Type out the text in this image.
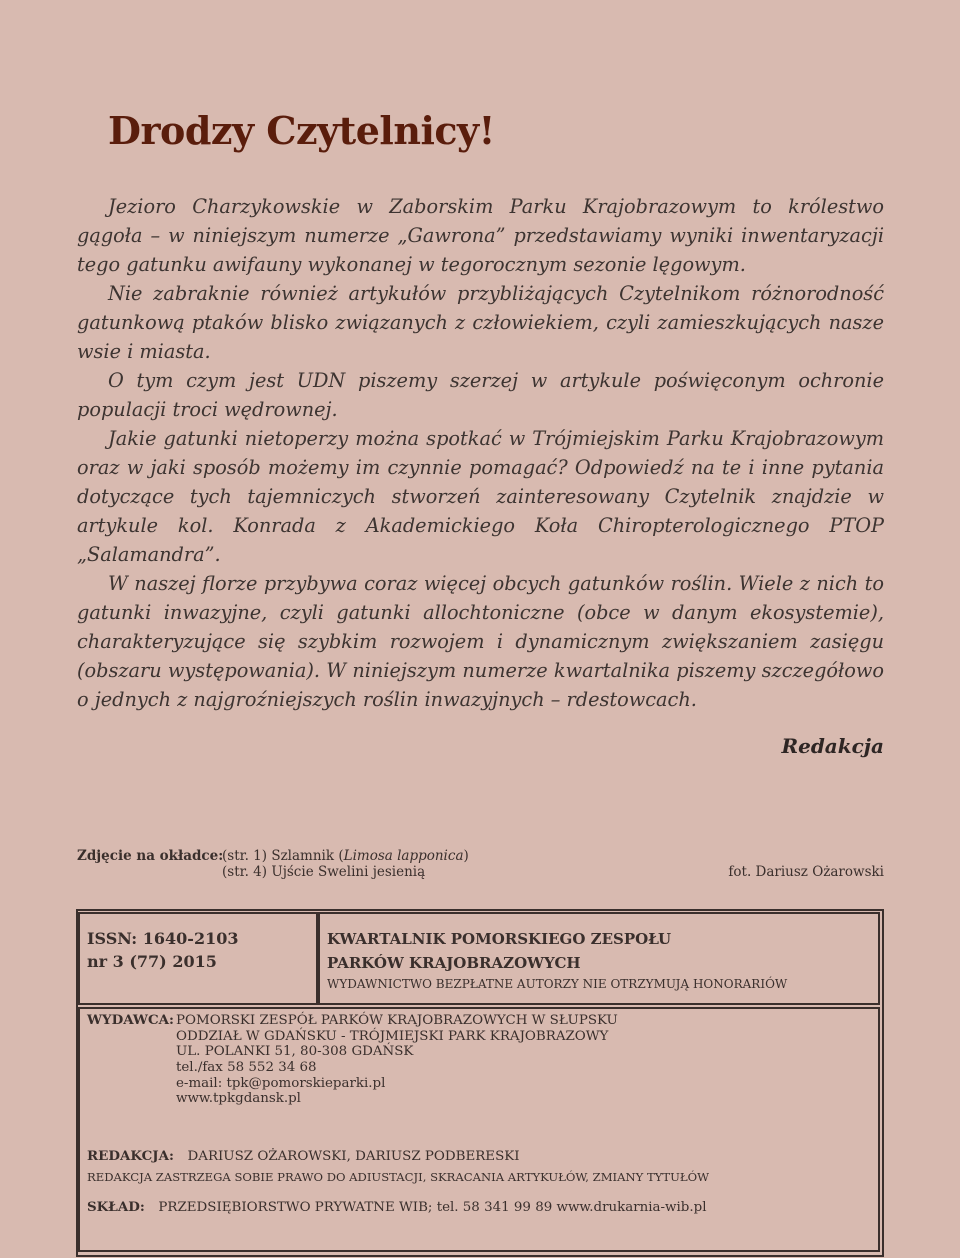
Drodzy Czytelnicy!

Jezioro Charzykowskie w Zaborskim Parku Krajobrazowym to królestwo gągoła – w niniejszym numerze „Gawrona” przedstawiamy wyniki inwentaryzacji tego gatunku awifauny wykonanej w tegorocznym sezonie lęgowym.

Nie zabraknie również artykułów przybliżających Czytelnikom różnorodność gatunkową ptaków blisko związanych z człowiekiem, czyli zamieszkujących nasze wsie i miasta.

O tym czym jest UDN piszemy szerzej w artykule poświęconym ochronie populacji troci wędrownej.

Jakie gatunki nietoperzy można spotkać w Trójmiejskim Parku Krajobrazowym oraz w jaki sposób możemy im czynnie pomagać? Odpowiedź na te i inne pytania dotyczące tych tajemniczych stworzeń zainteresowany Czytelnik znajdzie w artykule kol. Konrada z Akademickiego Koła Chiropterologicznego PTOP „Salamandra”.

W naszej florze przybywa coraz więcej obcych gatunków roślin. Wiele z nich to gatunki inwazyjne, czyli gatunki allochtoniczne (obce w danym ekosystemie), charakteryzujące się szybkim rozwojem i dynamicznym zwiększaniem zasięgu (obszaru występowania). W niniejszym numerze kwartalnika piszemy szczegółowo o jednych z najgroźniejszych roślin inwazyjnych – rdestowcach.

Redakcja
Zdjęcie na okładce:
(str. 1) Szlamnik (Limosa lapponica)
(str. 4) Ujście Swelini jesienią	fot. Dariusz Ożarowski
ISSN: 1640-2103
nr 3 (77) 2015
KWARTALNIK POMORSKIEGO ZESPOŁU
PARKÓW KRAJOBRAZOWYCH
WYDAWNICTWO BEZPŁATNE AUTORZY NIE OTRZYMUJĄ HONORARIÓW
WYDAWCA: POMORSKI ZESPÓŁ PARKÓW KRAJOBRAZOWYCH W SŁUPSKU
ODDZIAŁ W GDAŃSKU - TRÓJMIEJSKI PARK KRAJOBRAZOWY
UL. POLANKI 51, 80-308 GDAŃSK
tel./fax 58 552 34 68
e-mail: tpk@pomorskieparki.pl
www.tpkgdansk.pl
REDAKCJA:   DARIUSZ OŻAROWSKI, DARIUSZ PODBERESKI
REDAKCJA ZASTRZEGA SOBIE PRAWO DO ADIUSTACJI, SKRACANIA ARTYKUŁÓW, ZMIANY TYTUŁÓW
SKŁAD:   PRZEDSIĘBIORSTWO PRYWATNE WIB; tel. 58 341 99 89 www.drukarnia-wib.pl
